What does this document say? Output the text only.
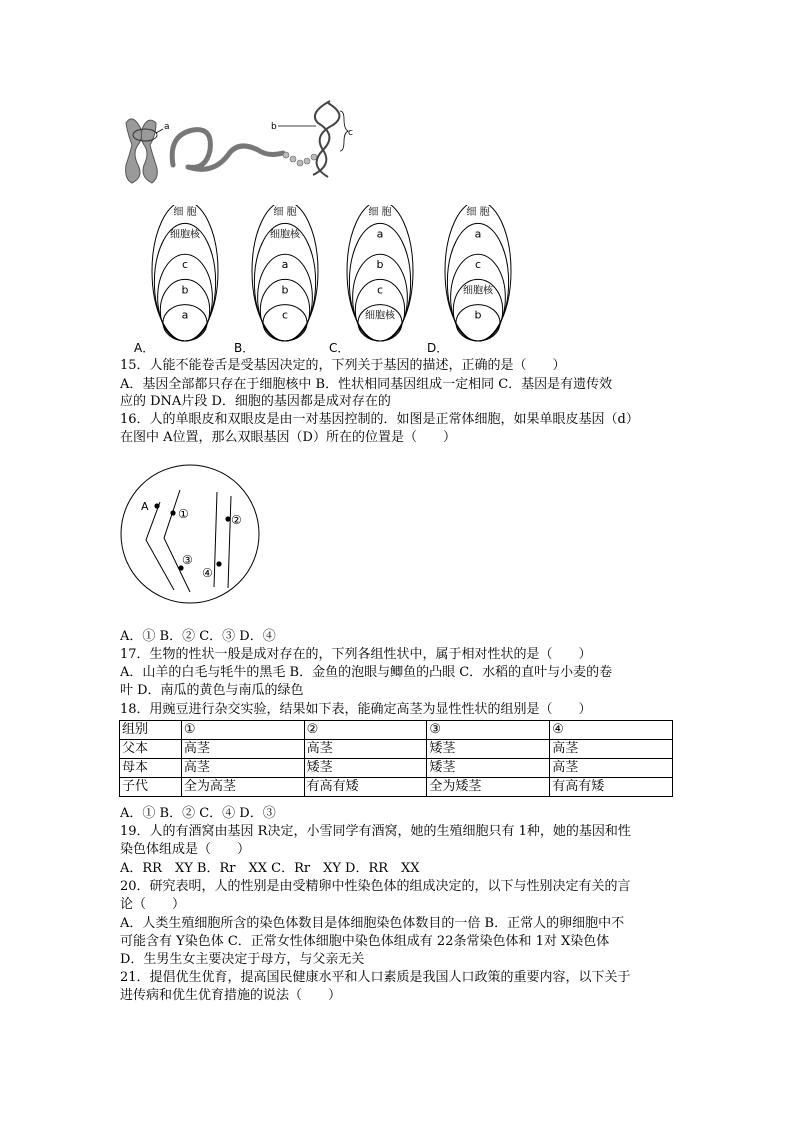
a	b
c
细 胞
细胞核
c
b
a
A．
细 胞
细胞核
a
b
c
B．
细 胞
a
b
c
细胞核
C．
细 胞
a
c
细胞核
b
D．
15．人能不能卷舌是受基因决定的，下列关于基因的描述，正确的是（　　）
A．基因全部都只存在于细胞核中 B．性状相同基因组成一定相同 C．基因是有遗传效
应的 DNA片段 D．细胞的基因都是成对存在的
16．人的单眼皮和双眼皮是由一对基因控制的．如图是正常体细胞，如果单眼皮基因（d）
在图中 A位置，那么双眼基因（D）所在的位置是（　　）
A
①	②
③
④
A．① B．② C．③ D．④
17．生物的性状一般是成对存在的，下列各组性状中，属于相对性状的是（　　）
A．山羊的白毛与牦牛的黑毛 B．金鱼的泡眼与鲫鱼的凸眼 C．水稻的直叶与小麦的卷
叶 D．南瓜的黄色与南瓜的绿色
18．用豌豆进行杂交实验，结果如下表，能确定高茎为显性性状的组别是（　　）
组别	①	②	③	④
父本	高茎	高茎	矮茎	高茎
母本	高茎	矮茎	矮茎	高茎
子代	全为高茎	有高有矮	全为矮茎	有高有矮
A．① B．② C．④ D．③
19．人的有酒窝由基因 R决定，小雪同学有酒窝，她的生殖细胞只有 1种，她的基因和性
染色体组成是（　　）
A．RR　XY B．Rr　XX C．Rr　XY D．RR　XX
20．研究表明，人的性别是由受精卵中性染色体的组成决定的，以下与性别决定有关的言
论（　　）
A．人类生殖细胞所含的染色体数目是体细胞染色体数目的一倍 B．正常人的卵细胞中不
可能含有 Y染色体 C．正常女性体细胞中染色体组成有 22条常染色体和 1对 X染色体
D．生男生女主要决定于母方，与父亲无关
21．提倡优生优育，提高国民健康水平和人口素质是我国人口政策的重要内容，以下关于
进传病和优生优育措施的说法（　　）
